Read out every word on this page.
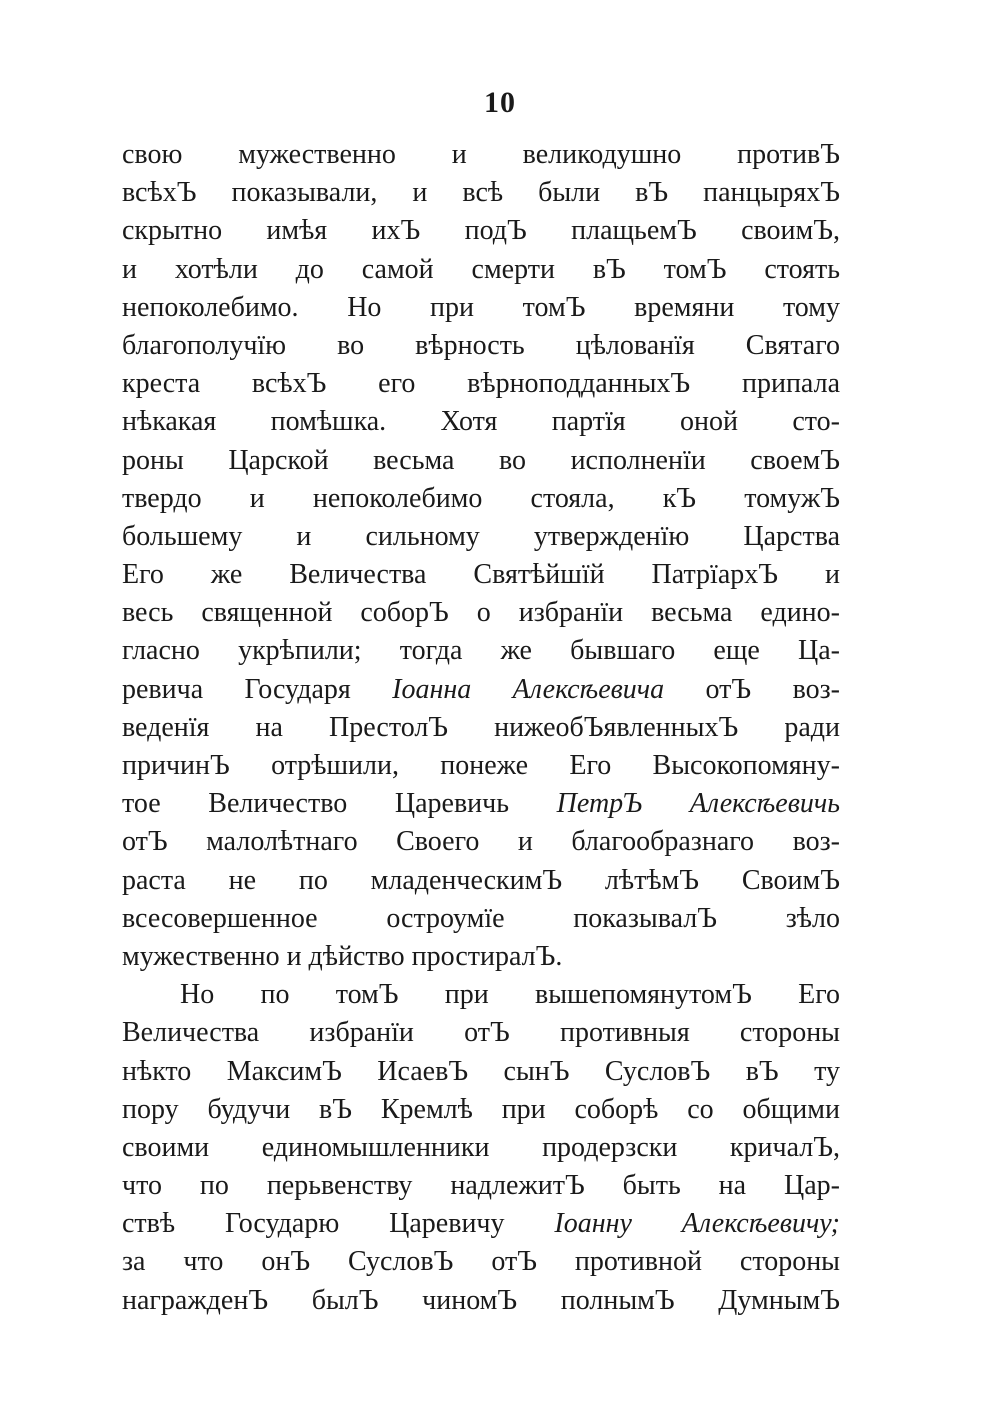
10
свою мужественно и великодушно противЪ
всѣхЪ показывали, и всѣ были вЪ панцыряхЪ
скрытно имѣя ихЪ подЪ плащьемЪ своимЪ,
и хотѣли до самой смерти вЪ томЪ стоять
непоколебимо. Но при томЪ времяни тому
благополучїю во вѣрность цѣлованїя Святаго
креста всѣхЪ его вѣрноподданныхЪ припала
нѣкакая помѣшка. Хотя партїя оной сто-
роны Царской весьма во исполненїи своемЪ
твердо и непоколебимо стояла, кЪ томужЪ
большему и сильному утвержденїю Царства
Его же Величества Святѣйшїй ПатрїархЪ и
весь священной соборЪ о избранїи весьма едино-
гласно укрѣпили; тогда же бывшаго еще Ца-
ревича Государя Іоанна Алексѣевича отЪ воз-
веденїя на ПрестолЪ нижеобЪявленныхЪ ради
причинЪ отрѣшили, понеже Его Высокопомяну-
тое Величество Царевичь ПетрЪ Алексѣевичь
отЪ малолѣтнаго Своего и благообразнаго воз-
раста не по младенческимЪ лѣтѣмЪ СвоимЪ
всесовершенное остроумїе показывалЪ зѣло
мужественно и дѣйство простиралЪ.
Но по томЪ при вышепомянутомЪ Его
Величества избранїи отЪ противныя стороны
нѣкто МаксимЪ ИсаевЪ сынЪ СусловЪ вЪ ту
пору будучи вЪ Кремлѣ при соборѣ со общими
своими единомышленники продерзски кричалЪ,
что по перьвенству надлежитЪ быть на Цар-
ствѣ Государю Царевичу Іоанну Алексѣевичу;
за что онЪ СусловЪ отЪ противной стороны
награжденЪ былЪ чиномЪ полнымЪ ДумнымЪ
